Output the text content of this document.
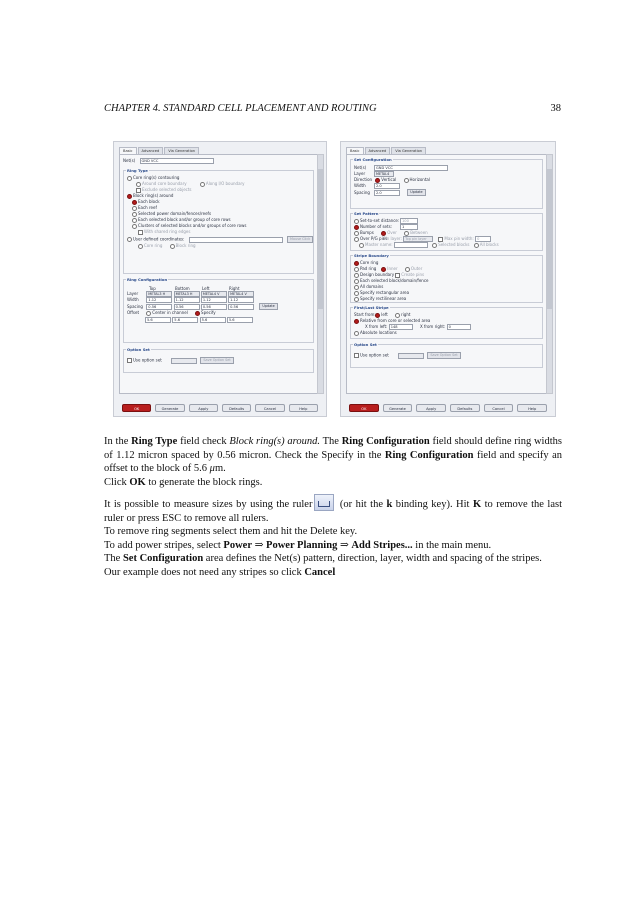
CHAPTER 4. STANDARD CELL PLACEMENT AND ROUTING	38
Basic	Advanced	Via Generation
Net(s) GND VCC
Ring Type
Core ring(s) contouring
Around core boundary	Along I/O boundary
Exclude selected objects
Block ring(s) around
Each block
Each reef
Selected power domain/fences/reefs
Each selected block and/or group of core rows
Clusters of selected blocks and/or groups of core rows
With shared ring edges
User defined coordinates:	Mouse Click
Core ring	Block ring
Ring Configuration
Top	Bottom	Left	Right
Layer	METAL3 H	METAL3 H	METAL4 V	METAL4 V
Width	1.12	1.12	1.12	1.12
Spacing 0.56	0.56	0.56	0.56	Update
Offset	Center in channel	Specify
5.6	5.6	5.6	5.6
Option Set
Use option set	Save Option Set
OK	Generate	Apply	Defaults	Cancel	Help
Basic	Advanced	Via Generation
Set Configuration
Net(s)	GND VCC
Layer	METAL4
Direction Vertical	Horizontal
Width	2.0
Spacing 2.0	Update
Set Pattern
Set-to-set distance: 100
Number of sets:	1
Bumps	Over	Between
Over P/G pins Pin layer: Top pin layer	Max pin width: 0
Master name:	Selected blocks	All blocks
Stripe Boundary
Core ring
Pad ring	Inner	Outer
Design boundary Create pins
Each selected block/domain/fence
All domains
Specify rectangular area
Specify rectilinear area
First/Last Stripe
Start from: left	right
Relative from core or selected area
X from left: 148	X from right: 0
Absolute locations
Option Set
Use option set	Save Option Set
OK	Generate	Apply	Defaults	Cancel	Help

In the Ring Type field check Block ring(s) around. The Ring Configuration field should define ring widths of 1.12 micron spaced by 0.56 micron. Check the Specify in the Ring Configuration field and specify an offset to the block of 5.6 μm.

Click OK to generate the block rings.

It is possible to measure sizes by using the ruler (or hit the k binding key). Hit K to remove the last ruler or press ESC to remove all rulers.

To remove ring segments select them and hit the Delete key.

To add power stripes, select Power ⇒ Power Planning ⇒ Add Stripes... in the main menu.

The Set Configuration area defines the Net(s) pattern, direction, layer, width and spacing of the stripes.

Our example does not need any stripes so click Cancel
